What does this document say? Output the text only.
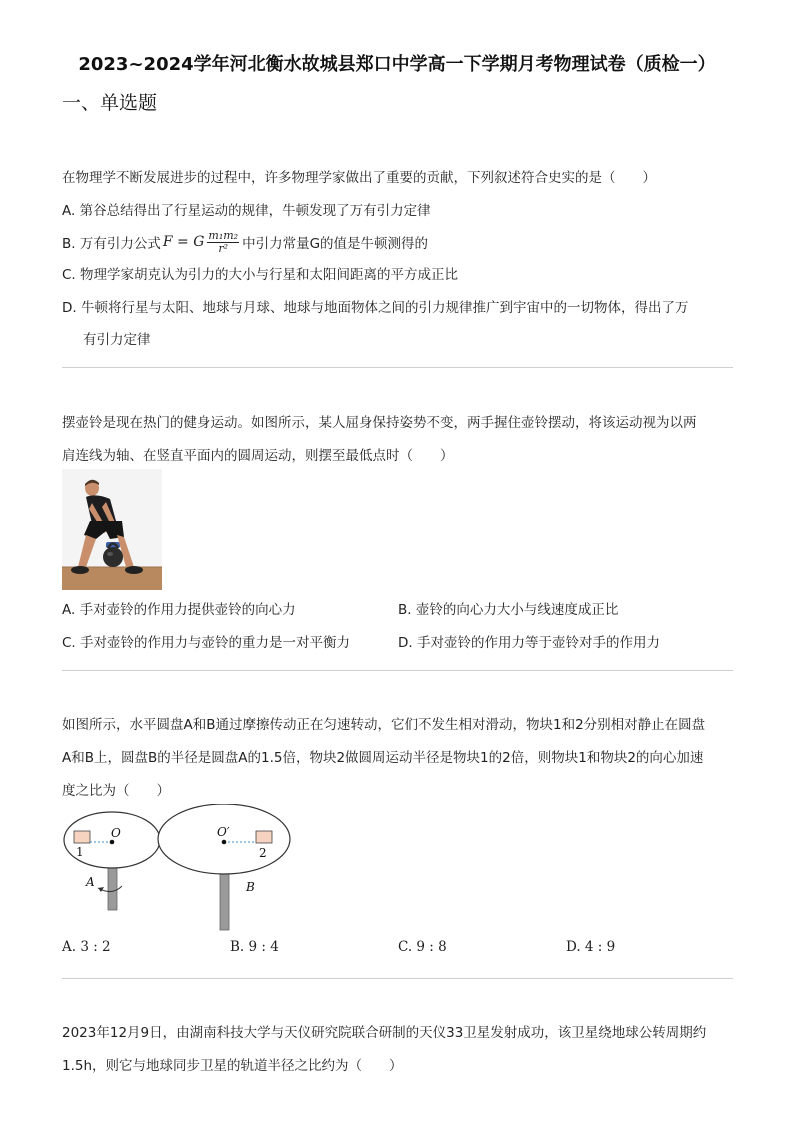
2023~2024学年河北衡水故城县郑口中学高一下学期月考物理试卷（质检一）
一、单选题
在物理学不断发展进步的过程中，许多物理学家做出了重要的贡献，下列叙述符合史实的是（　　）
A. 第谷总结得出了行星运动的规律，牛顿发现了万有引力定律
B. 万有引力公式 F = G $\frac{\text{m₁m₂}}{\text{r²}}$ 中引力常量G的值是牛顿测得的
C. 物理学家胡克认为引力的大小与行星和太阳间距离的平方成正比
D. 牛顿将行星与太阳、地球与月球、地球与地面物体之间的引力规律推广到宇宙中的一切物体，得出了万
有引力定律
摆壶铃是现在热门的健身运动。如图所示，某人屈身保持姿势不变，两手握住壶铃摆动，将该运动视为以两
肩连线为轴、在竖直平面内的圆周运动，则摆至最低点时（　　）
A. 手对壶铃的作用力提供壶铃的向心力	B. 壶铃的向心力大小与线速度成正比
C. 手对壶铃的作用力与壶铃的重力是一对平衡力	D. 手对壶铃的作用力等于壶铃对手的作用力
如图所示，水平圆盘A和B通过摩擦传动正在匀速转动，它们不发生相对滑动，物块1和2分别相对静止在圆盘
A和B上，圆盘B的半径是圆盘A的1.5倍，物块2做圆周运动半径是物块1的2倍，则物块1和物块2的向心加速
度之比为（　　）
O	O′
1	2
A	B
A. 3 : 2	B. 9 : 4	C. 9 : 8	D. 4 : 9
2023年12月9日，由湖南科技大学与天仪研究院联合研制的天仪33卫星发射成功，该卫星绕地球公转周期约
1.5h，则它与地球同步卫星的轨道半径之比约为（　　）
